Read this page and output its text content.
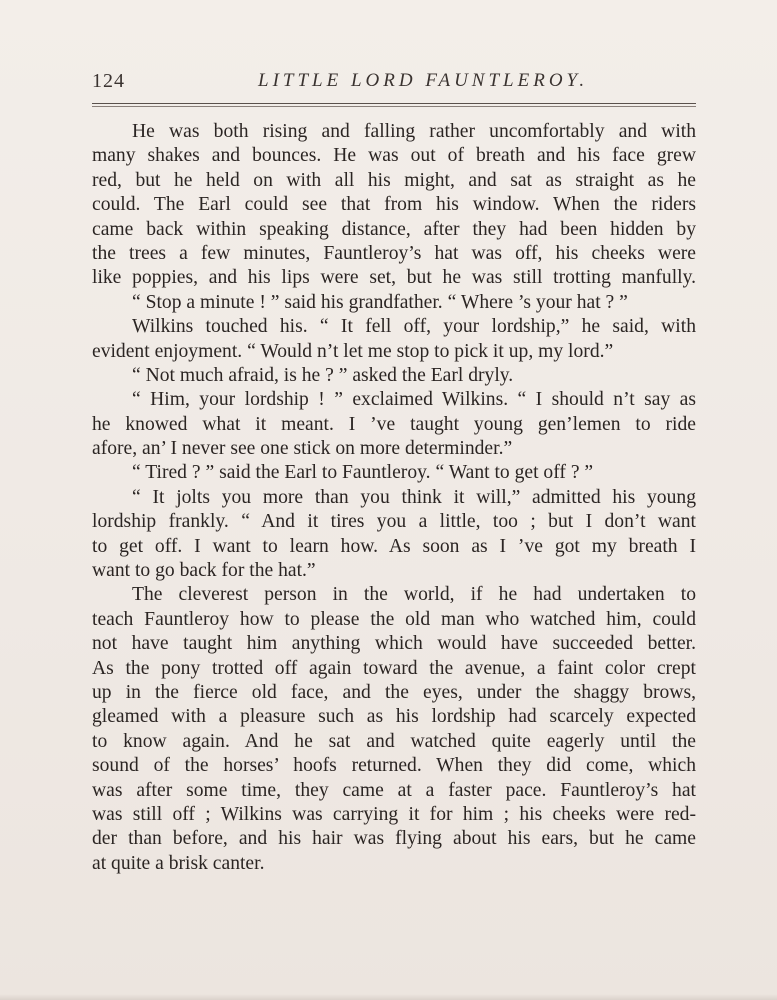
124	LITTLE LORD FAUNTLEROY.
He was both rising and falling rather uncomfortably and with
many shakes and bounces. He was out of breath and his face grew
red, but he held on with all his might, and sat as straight as he
could. The Earl could see that from his window. When the riders
came back within speaking distance, after they had been hidden by
the trees a few minutes, Fauntleroy’s hat was off, his cheeks were
like poppies, and his lips were set, but he was still trotting manfully.
“ Stop a minute ! ” said his grandfather. “ Where ’s your hat ? ”
Wilkins touched his. “ It fell off, your lordship,” he said, with
evident enjoyment. “ Would n’t let me stop to pick it up, my lord.”
“ Not much afraid, is he ? ” asked the Earl dryly.
“ Him, your lordship ! ” exclaimed Wilkins. “ I should n’t say as
he knowed what it meant. I ’ve taught young gen’lemen to ride
afore, an’ I never see one stick on more determinder.”
“ Tired ? ” said the Earl to Fauntleroy. “ Want to get off ? ”
“ It jolts you more than you think it will,” admitted his young
lordship frankly. “ And it tires you a little, too ; but I don’t want
to get off. I want to learn how. As soon as I ’ve got my breath I
want to go back for the hat.”
The cleverest person in the world, if he had undertaken to
teach Fauntleroy how to please the old man who watched him, could
not have taught him anything which would have succeeded better.
As the pony trotted off again toward the avenue, a faint color crept
up in the fierce old face, and the eyes, under the shaggy brows,
gleamed with a pleasure such as his lordship had scarcely expected
to know again. And he sat and watched quite eagerly until the
sound of the horses’ hoofs returned. When they did come, which
was after some time, they came at a faster pace. Fauntleroy’s hat
was still off ; Wilkins was carrying it for him ; his cheeks were red-
der than before, and his hair was flying about his ears, but he came
at quite a brisk canter.
